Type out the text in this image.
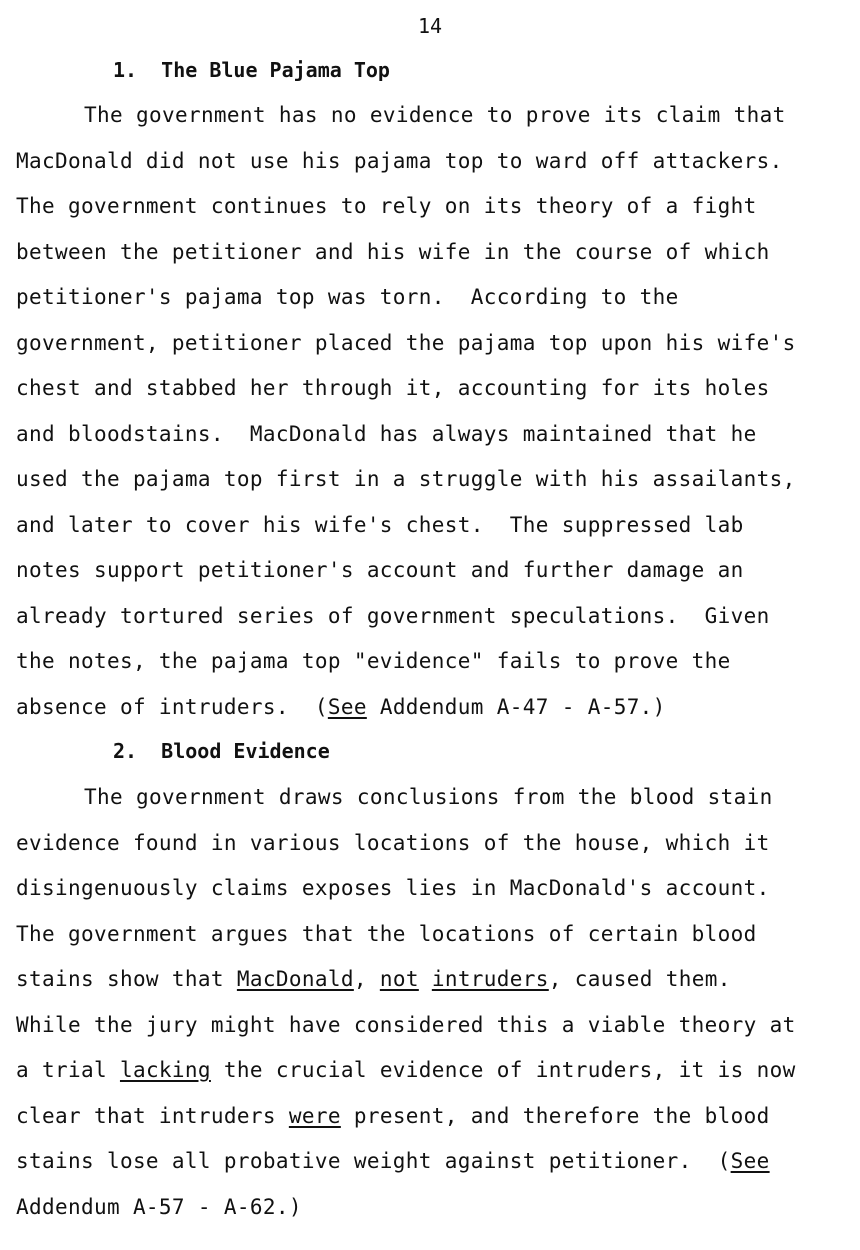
14
1.  The Blue Pajama Top
The government has no evidence to prove its claim that
MacDonald did not use his pajama top to ward off attackers.
The government continues to rely on its theory of a fight
between the petitioner and his wife in the course of which
petitioner's pajama top was torn.  According to the
government, petitioner placed the pajama top upon his wife's
chest and stabbed her through it, accounting for its holes
and bloodstains.  MacDonald has always maintained that he
used the pajama top first in a struggle with his assailants,
and later to cover his wife's chest.  The suppressed lab
notes support petitioner's account and further damage an
already tortured series of government speculations.  Given
the notes, the pajama top "evidence" fails to prove the
absence of intruders.  (See Addendum A-47 - A-57.)
2.  Blood Evidence
The government draws conclusions from the blood stain
evidence found in various locations of the house, which it
disingenuously claims exposes lies in MacDonald's account.
The government argues that the locations of certain blood
stains show that MacDonald, not intruders, caused them.
While the jury might have considered this a viable theory at
a trial lacking the crucial evidence of intruders, it is now
clear that intruders were present, and therefore the blood
stains lose all probative weight against petitioner.  (See
Addendum A-57 - A-62.)
